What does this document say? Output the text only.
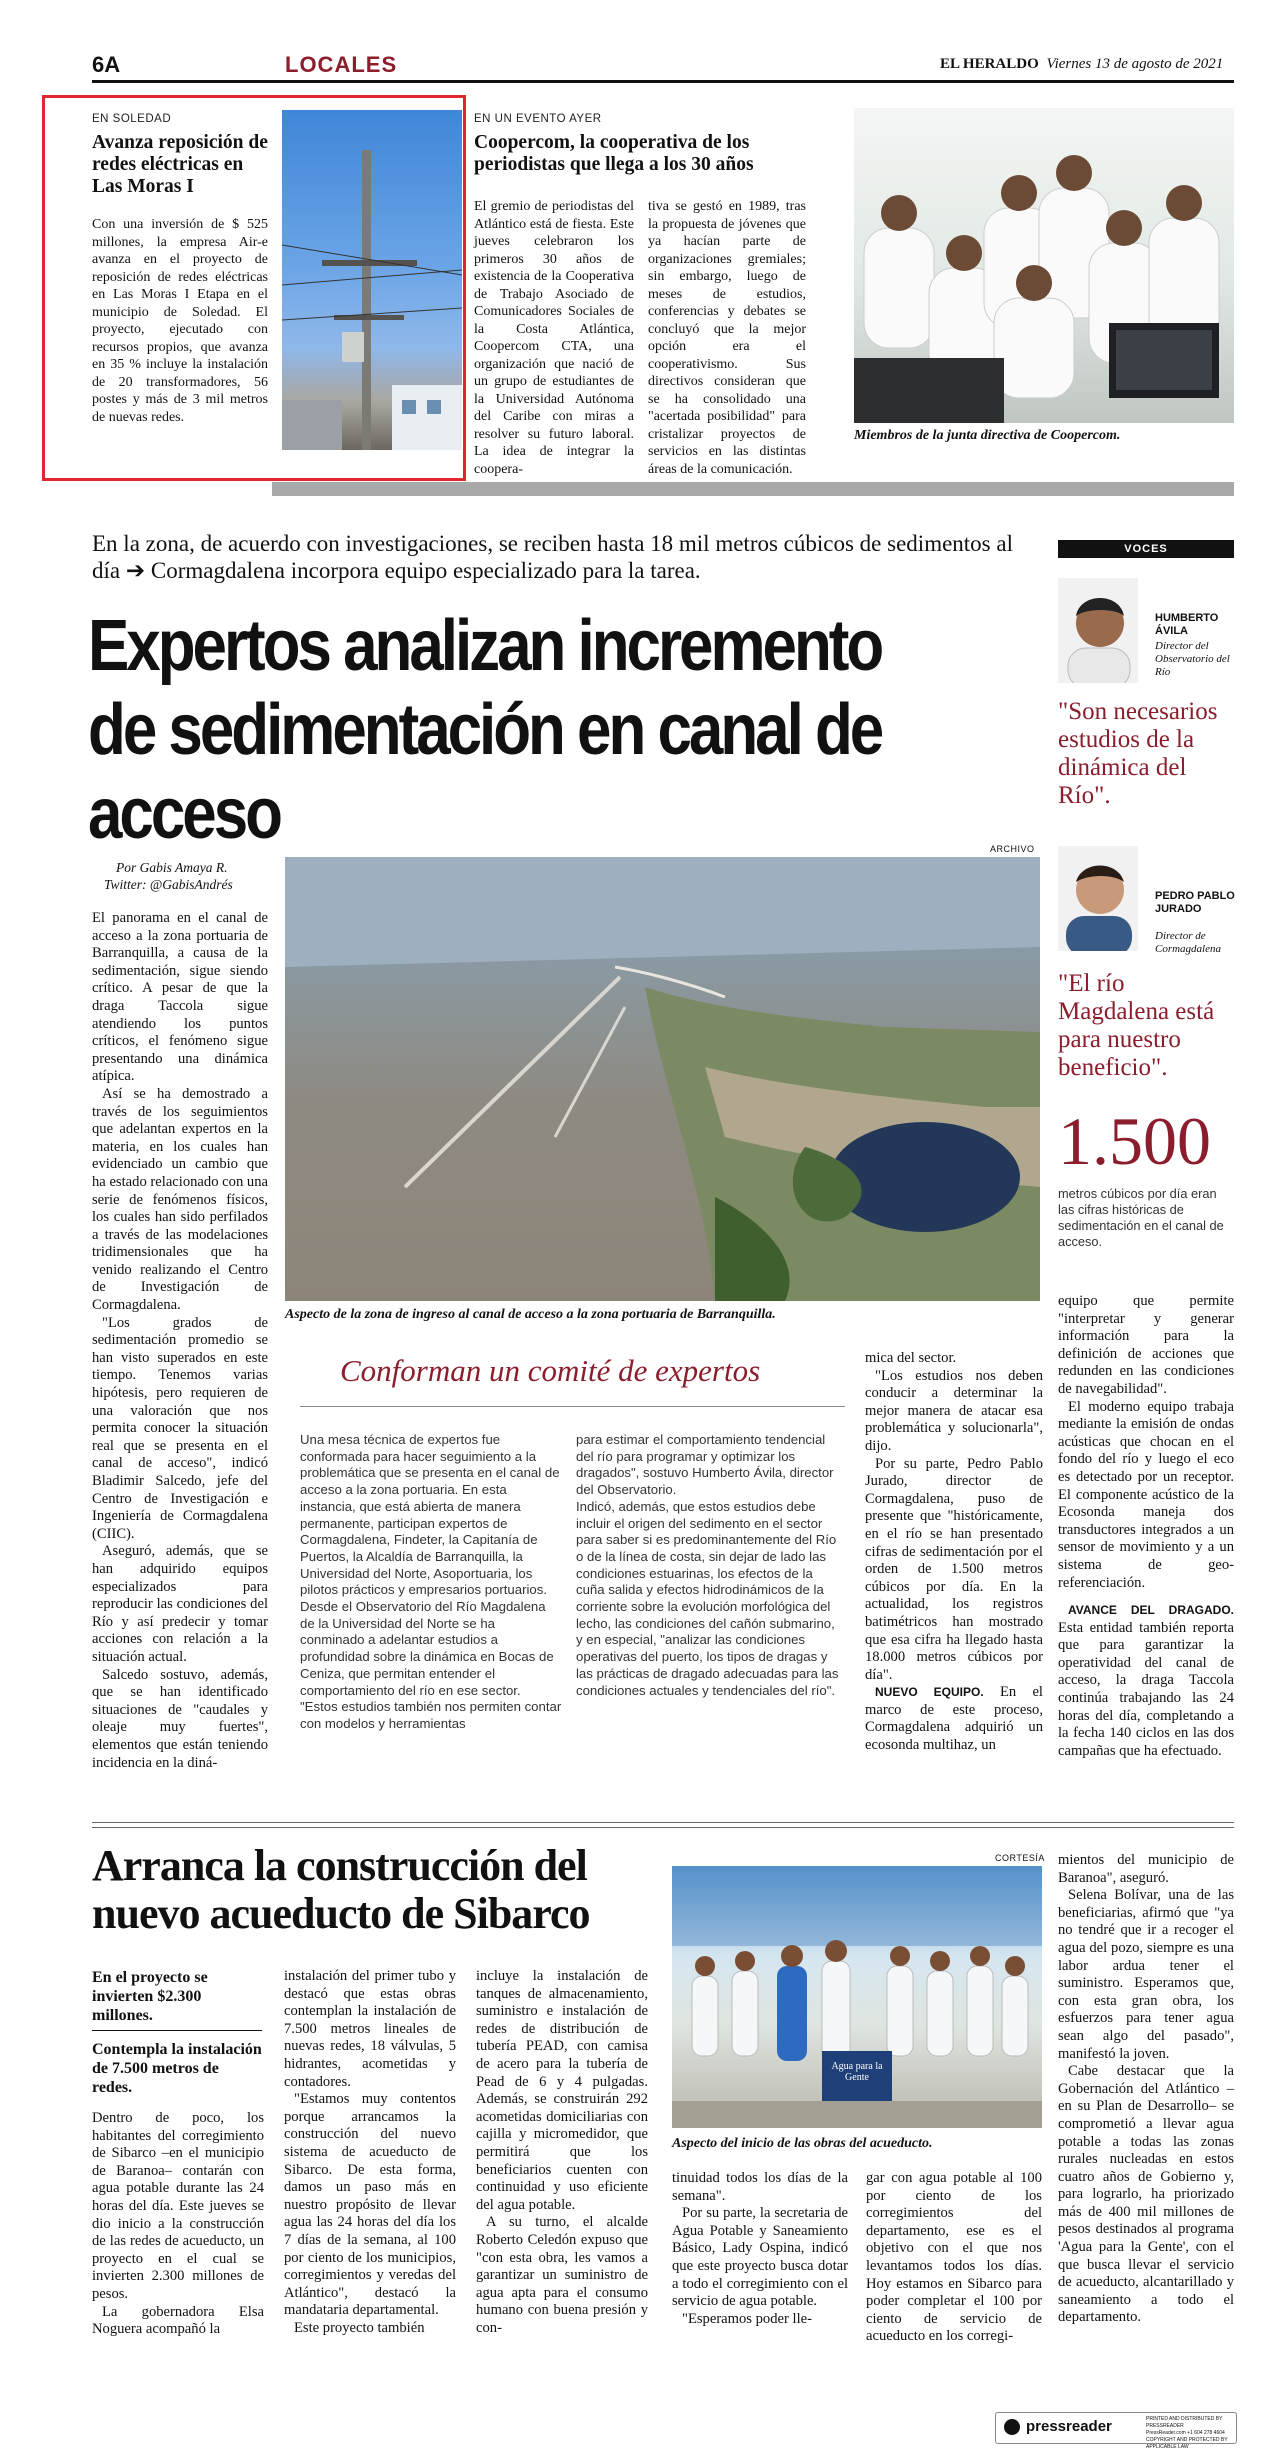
6A	LOCALES	EL HERALDO Viernes 13 de agosto de 2021
EN SOLEDAD
Avanza reposición de redes eléctricas en Las Moras I
Con una inversión de $ 525 millones, la empresa Air-e avanza en el proyecto de reposición de redes eléctricas en Las Moras I Etapa en el municipio de Soledad. El proyecto, ejecutado con recursos propios, que avanza en 35 % incluye la instalación de 20 transformadores, 56 postes y más de 3 mil metros de nuevas redes.
EN UN EVENTO AYER
Coopercom, la cooperativa de los periodistas que llega a los 30 años
El gremio de periodistas del Atlántico está de fiesta. Este jueves celebraron los primeros 30 años de existencia de la Cooperativa de Trabajo Asociado de Comunicadores Sociales de la Costa Atlántica, Coopercom CTA, una organización que nació de un grupo de estudiantes de la Universidad Autónoma del Caribe con miras a resolver su futuro laboral. La idea de integrar la coopera-
tiva se gestó en 1989, tras la propuesta de jóvenes que ya hacían parte de organizaciones gremiales; sin embargo, luego de meses de estudios, conferencias y debates se concluyó que la mejor opción era el cooperativismo. Sus directivos consideran que se ha consolidado una "acertada posibilidad" para cristalizar proyectos de servicios en las distintas áreas de la comunicación.
Miembros de la junta directiva de Coopercom.
En la zona, de acuerdo con investigaciones, se reciben hasta 18 mil metros cúbicos de sedimentos al día ➔ Cormagdalena incorpora equipo especializado para la tarea.
Expertos analizan incremento de sedimentación en canal de acceso
Por Gabis Amaya R.
Twitter: @GabisAndrés

El panorama en el canal de acceso a la zona portuaria de Barranquilla, a causa de la sedimentación, sigue siendo crítico. A pesar de que la draga Taccola sigue atendiendo los puntos críticos, el fenómeno sigue presentando una dinámica atípica.

Así se ha demostrado a través de los seguimientos que adelantan expertos en la materia, en los cuales han evidenciado un cambio que ha estado relacionado con una serie de fenómenos físicos, los cuales han sido perfilados a través de las modelaciones tridimensionales que ha venido realizando el Centro de Investigación de Cormagdalena.

"Los grados de sedimentación promedio se han visto superados en este tiempo. Tenemos varias hipótesis, pero requieren de una valoración que nos permita conocer la situación real que se presenta en el canal de acceso", indicó Bladimir Salcedo, jefe del Centro de Investigación e Ingeniería de Cormagdalena (CIIC).

Aseguró, además, que se han adquirido equipos especializados para reproducir las condiciones del Río y así predecir y tomar acciones con relación a la situación actual.

Salcedo sostuvo, además, que se han identificado situaciones de "caudales y oleaje muy fuertes", elementos que están teniendo incidencia en la diná-

ARCHIVO
Aspecto de la zona de ingreso al canal de acceso a la zona portuaria de Barranquilla.
Conforman un comité de expertos
Una mesa técnica de expertos fue conformada para hacer seguimiento a la problemática que se presenta en el canal de acceso a la zona portuaria. En esta instancia, que está abierta de manera permanente, participan expertos de Cormagdalena, Findeter, la Capitanía de Puertos, la Alcaldía de Barranquilla, la Universidad del Norte, Asoportuaria, los pilotos prácticos y empresarios portuarios.
Desde el Observatorio del Río Magdalena de la Universidad del Norte se ha conminado a adelantar estudios a profundidad sobre la dinámica en Bocas de Ceniza, que permitan entender el comportamiento del río en ese sector.
"Estos estudios también nos permiten contar con modelos y herramientas
para estimar el comportamiento tendencial del río para programar y optimizar los dragados", sostuvo Humberto Ávila, director del Observatorio.
Indicó, además, que estos estudios debe incluir el origen del sedimento en el sector para saber si es predominantemente del Río o de la línea de costa, sin dejar de lado las condiciones estuarinas, los efectos de la cuña salida y efectos hidrodinámicos de la corriente sobre la evolución morfológica del lecho, las condiciones del cañón submarino, y en especial, "analizar las condiciones operativas del puerto, los tipos de dragas y las prácticas de dragado adecuadas para las condiciones actuales y tendenciales del río".

mica del sector.

"Los estudios nos deben conducir a determinar la mejor manera de atacar esa problemática y solucionarla", dijo.

Por su parte, Pedro Pablo Jurado, director de Cormagdalena, puso de presente que "históricamente, en el río se han presentado cifras de sedimentación por el orden de 1.500 metros cúbicos por día. En la actualidad, los registros batimétricos han mostrado que esa cifra ha llegado hasta 18.000 metros cúbicos por día".

NUEVO EQUIPO. En el marco de este proceso, Cormagdalena adquirió un ecosonda multihaz, un

equipo que permite "interpretar y generar información para la definición de acciones que redunden en las condiciones de navegabilidad".

El moderno equipo trabaja mediante la emisión de ondas acústicas que chocan en el fondo del río y luego el eco es detectado por un receptor. El componente acústico de la Ecosonda maneja dos transductores integrados a un sensor de movimiento y a un sistema de geo-referenciación.

AVANCE DEL DRAGADO. Esta entidad también reporta que para garantizar la operatividad del canal de acceso, la draga Taccola continúa trabajando las 24 horas del día, completando a la fecha 140 ciclos en las dos campañas que ha efectuado.

VOCES
HUMBERTO ÁVILA
Director del Observatorio del Río
"Son necesarios estudios de la dinámica del Río".
PEDRO PABLO JURADO
Director de Cormagdalena
"El río Magdalena está para nuestro beneficio".
1.500
metros cúbicos por día eran las cifras históricas de sedimentación en el canal de acceso.
Arranca la construcción del nuevo acueducto de Sibarco
En el proyecto se invierten $2.300 millones.
Contempla la instalación de 7.500 metros de redes.

Dentro de poco, los habitantes del corregimiento de Sibarco –en el municipio de Baranoa– contarán con agua potable durante las 24 horas del día. Este jueves se dio inicio a la construcción de las redes de acueducto, un proyecto en el cual se invierten 2.300 millones de pesos.

La gobernadora Elsa Noguera acompañó la

instalación del primer tubo y destacó que estas obras contemplan la instalación de 7.500 metros lineales de nuevas redes, 18 válvulas, 5 hidrantes, acometidas y contadores.

"Estamos muy contentos porque arrancamos la construcción del nuevo sistema de acueducto de Sibarco. De esta forma, damos un paso más en nuestro propósito de llevar agua las 24 horas del día los 7 días de la semana, al 100 por ciento de los municipios, corregimientos y veredas del Atlántico", destacó la mandataria departamental.

Este proyecto también

incluye la instalación de tanques de almacenamiento, suministro e instalación de redes de distribución de tubería PEAD, con camisa de acero para la tubería de Pead de 6 y 4 pulgadas. Además, se construirán 292 acometidas domiciliarias con cajilla y micromedidor, que permitirá que los beneficiarios cuenten con continuidad y uso eficiente del agua potable.

A su turno, el alcalde Roberto Celedón expuso que "con esta obra, les vamos a garantizar un suministro de agua apta para el consumo humano con buena presión y con-

CORTESÍA
Agua para la Gente
Aspecto del inicio de las obras del acueducto.

tinuidad todos los días de la semana".

Por su parte, la secretaria de Agua Potable y Saneamiento Básico, Lady Ospina, indicó que este proyecto busca dotar a todo el corregimiento con el servicio de agua potable.

"Esperamos poder lle-

gar con agua potable al 100 por ciento de los corregimientos del departamento, ese es el objetivo con el que nos levantamos todos los días. Hoy estamos en Sibarco para poder completar el 100 por ciento de servicio de acueducto en los corregi-

mientos del municipio de Baranoa", aseguró.

Selena Bolívar, una de las beneficiarias, afirmó que "ya no tendré que ir a recoger el agua del pozo, siempre es una labor ardua tener el suministro. Esperamos que, con esta gran obra, los esfuerzos para tener agua sean algo del pasado", manifestó la joven.

Cabe destacar que la Gobernación del Atlántico –en su Plan de Desarrollo– se comprometió a llevar agua potable a todas las zonas rurales nucleadas en estos cuatro años de Gobierno y, para lograrlo, ha priorizado más de 400 mil millones de pesos destinados al programa 'Agua para la Gente', con el que busca llevar el servicio de acueducto, alcantarillado y saneamiento a todo el departamento.

pressreader	PRINTED AND DISTRIBUTED BY PRESSREADER
PressReader.com +1 604 278 4604
COPYRIGHT AND PROTECTED BY APPLICABLE LAW
